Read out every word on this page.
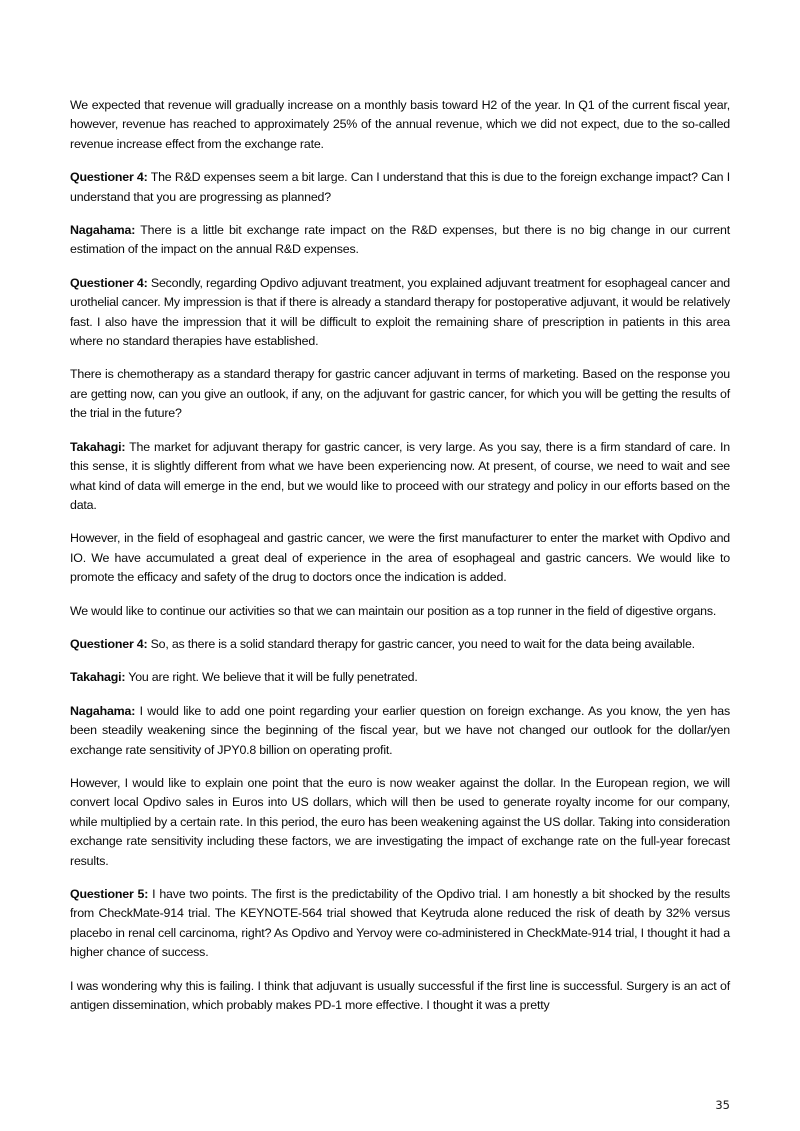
We expected that revenue will gradually increase on a monthly basis toward H2 of the year. In Q1 of the current fiscal year, however, revenue has reached to approximately 25% of the annual revenue, which we did not expect, due to the so-called revenue increase effect from the exchange rate.

Questioner 4: The R&D expenses seem a bit large. Can I understand that this is due to the foreign exchange impact? Can I understand that you are progressing as planned?

Nagahama: There is a little bit exchange rate impact on the R&D expenses, but there is no big change in our current estimation of the impact on the annual R&D expenses.

Questioner 4: Secondly, regarding Opdivo adjuvant treatment, you explained adjuvant treatment for esophageal cancer and urothelial cancer. My impression is that if there is already a standard therapy for postoperative adjuvant, it would be relatively fast. I also have the impression that it will be difficult to exploit the remaining share of prescription in patients in this area where no standard therapies have established.

There is chemotherapy as a standard therapy for gastric cancer adjuvant in terms of marketing. Based on the response you are getting now, can you give an outlook, if any, on the adjuvant for gastric cancer, for which you will be getting the results of the trial in the future?

Takahagi: The market for adjuvant therapy for gastric cancer, is very large. As you say, there is a firm standard of care. In this sense, it is slightly different from what we have been experiencing now. At present, of course, we need to wait and see what kind of data will emerge in the end, but we would like to proceed with our strategy and policy in our efforts based on the data.

However, in the field of esophageal and gastric cancer, we were the first manufacturer to enter the market with Opdivo and IO. We have accumulated a great deal of experience in the area of esophageal and gastric cancers. We would like to promote the efficacy and safety of the drug to doctors once the indication is added.

We would like to continue our activities so that we can maintain our position as a top runner in the field of digestive organs.

Questioner 4: So, as there is a solid standard therapy for gastric cancer, you need to wait for the data being available.

Takahagi: You are right. We believe that it will be fully penetrated.

Nagahama: I would like to add one point regarding your earlier question on foreign exchange. As you know, the yen has been steadily weakening since the beginning of the fiscal year, but we have not changed our outlook for the dollar/yen exchange rate sensitivity of JPY0.8 billion on operating profit.

However, I would like to explain one point that the euro is now weaker against the dollar. In the European region, we will convert local Opdivo sales in Euros into US dollars, which will then be used to generate royalty income for our company, while multiplied by a certain rate. In this period, the euro has been weakening against the US dollar. Taking into consideration exchange rate sensitivity including these factors, we are investigating the impact of exchange rate on the full-year forecast results.

Questioner 5: I have two points. The first is the predictability of the Opdivo trial. I am honestly a bit shocked by the results from CheckMate-914 trial. The KEYNOTE-564 trial showed that Keytruda alone reduced the risk of death by 32% versus placebo in renal cell carcinoma, right? As Opdivo and Yervoy were co-administered in CheckMate-914 trial, I thought it had a higher chance of success.

I was wondering why this is failing. I think that adjuvant is usually successful if the first line is successful. Surgery is an act of antigen dissemination, which probably makes PD-1 more effective. I thought it was a pretty

35
